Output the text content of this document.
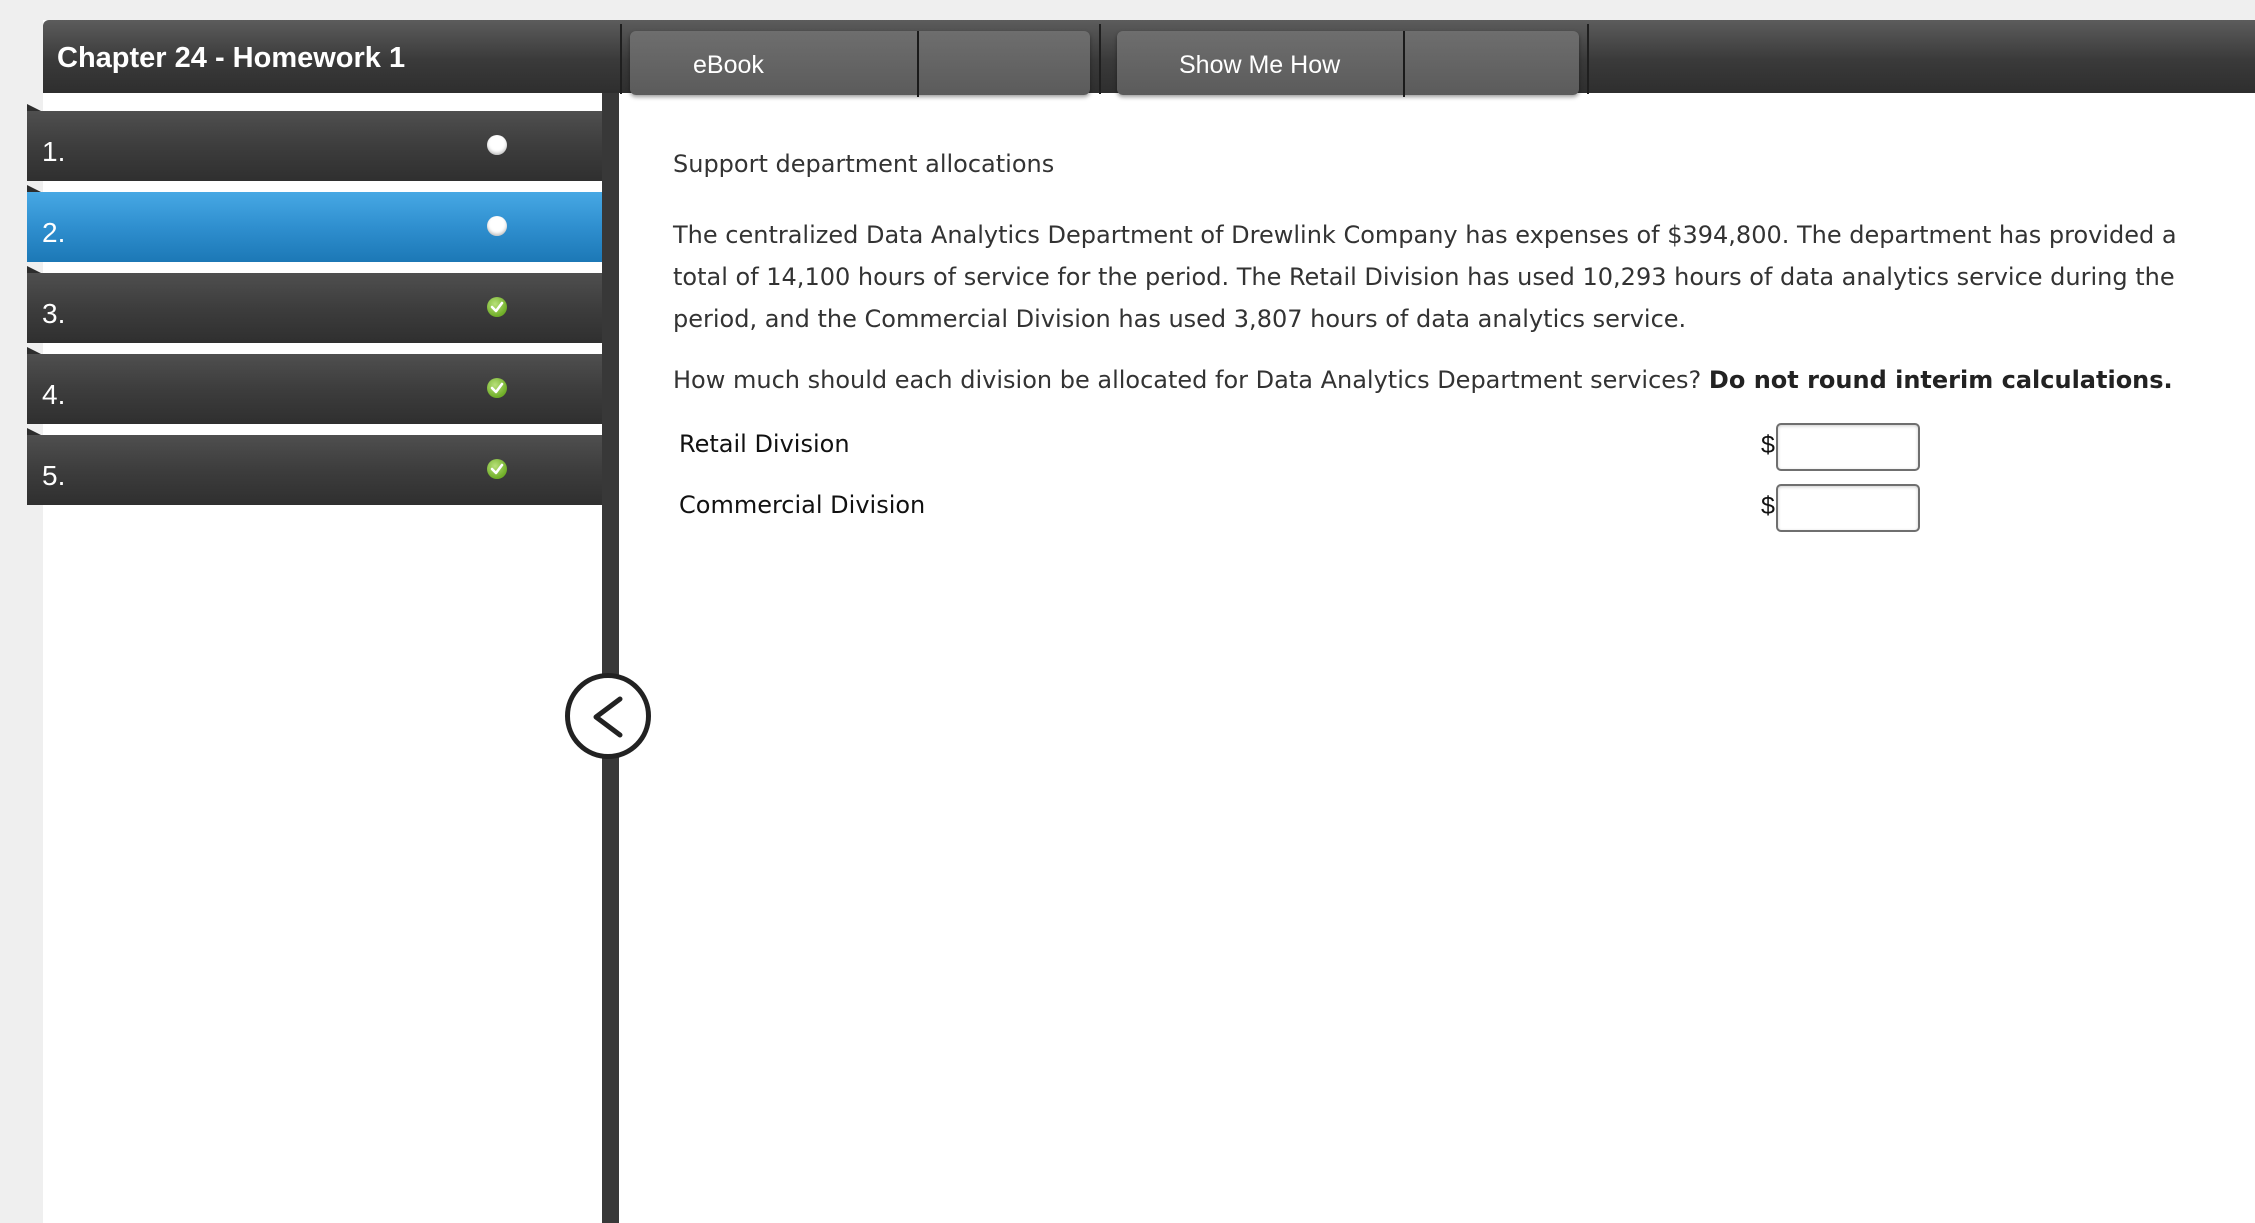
Chapter 24 - Homework 1	eBook	Show Me How
1.
2.
3.
4.
5.
Support department allocations
The centralized Data Analytics Department of Drewlink Company has expenses of $394,800. The department has provided a total of 14,100 hours of service for the period. The Retail Division has used 10,293 hours of data analytics service during the period, and the Commercial Division has used 3,807 hours of data analytics service.
How much should each division be allocated for Data Analytics Department services? Do not round interim calculations.
Retail Division	$
Commercial Division	$
